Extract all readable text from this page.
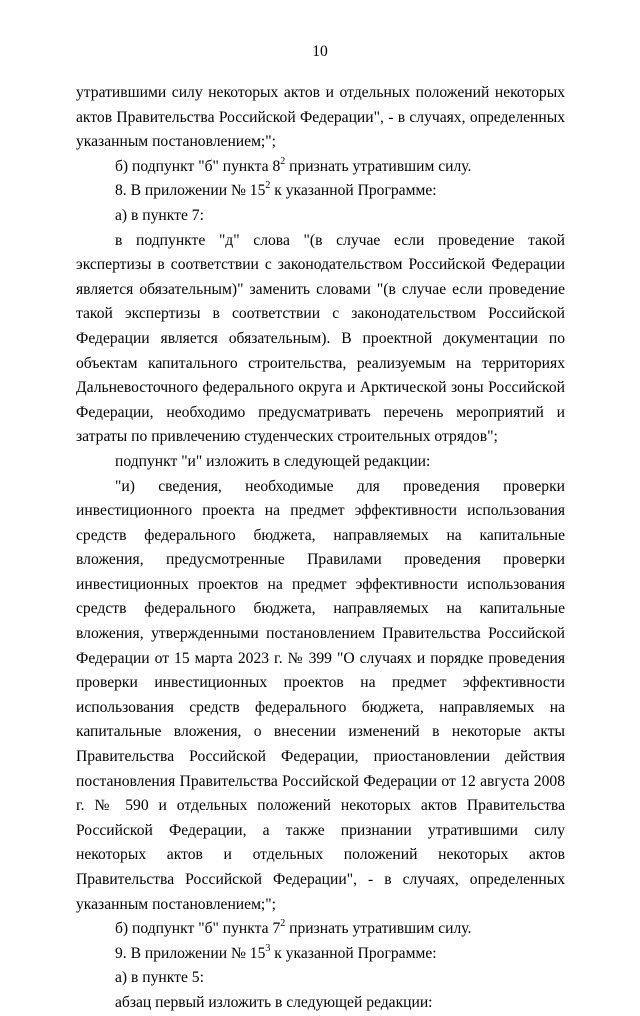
10

утратившими силу некоторых актов и отдельных положений некоторых актов Правительства Российской Федерации", - в случаях, определенных указанным постановлением;";

б) подпункт "б" пункта $8^2$ признать утратившим силу.

8. В приложении № $15^2$ к указанной Программе:

а) в пункте 7:

в подпункте "д" слова "(в случае если проведение такой экспертизы в соответствии с законодательством Российской Федерации является обязательным)" заменить словами "(в случае если проведение такой экспертизы в соответствии с законодательством Российской Федерации является обязательным). В проектной документации по объектам капитального строительства, реализуемым на территориях Дальневосточного федерального округа и Арктической зоны Российской Федерации, необходимо предусматривать перечень мероприятий и затраты по привлечению студенческих строительных отрядов";

подпункт "и" изложить в следующей редакции:

"и) сведения, необходимые для проведения проверки инвестиционного проекта на предмет эффективности использования средств федерального бюджета, направляемых на капитальные вложения, предусмотренные Правилами проведения проверки инвестиционных проектов на предмет эффективности использования средств федерального бюджета, направляемых на капитальные вложения, утвержденными постановлением Правительства Российской Федерации от 15 марта 2023 г. № 399 "О случаях и порядке проведения проверки инвестиционных проектов на предмет эффективности использования средств федерального бюджета, направляемых на капитальные вложения, о внесении изменений в некоторые акты Правительства Российской Федерации, приостановлении действия постановления Правительства Российской Федерации от 12 августа 2008 г. № 590 и отдельных положений некоторых актов Правительства Российской Федерации, а также признании утратившими силу некоторых актов и отдельных положений некоторых актов Правительства Российской Федерации", - в случаях, определенных указанным постановлением;";

б) подпункт "б" пункта $7^2$ признать утратившим силу.

9. В приложении № $15^3$ к указанной Программе:

а) в пункте 5:

абзац первый изложить в следующей редакции:
